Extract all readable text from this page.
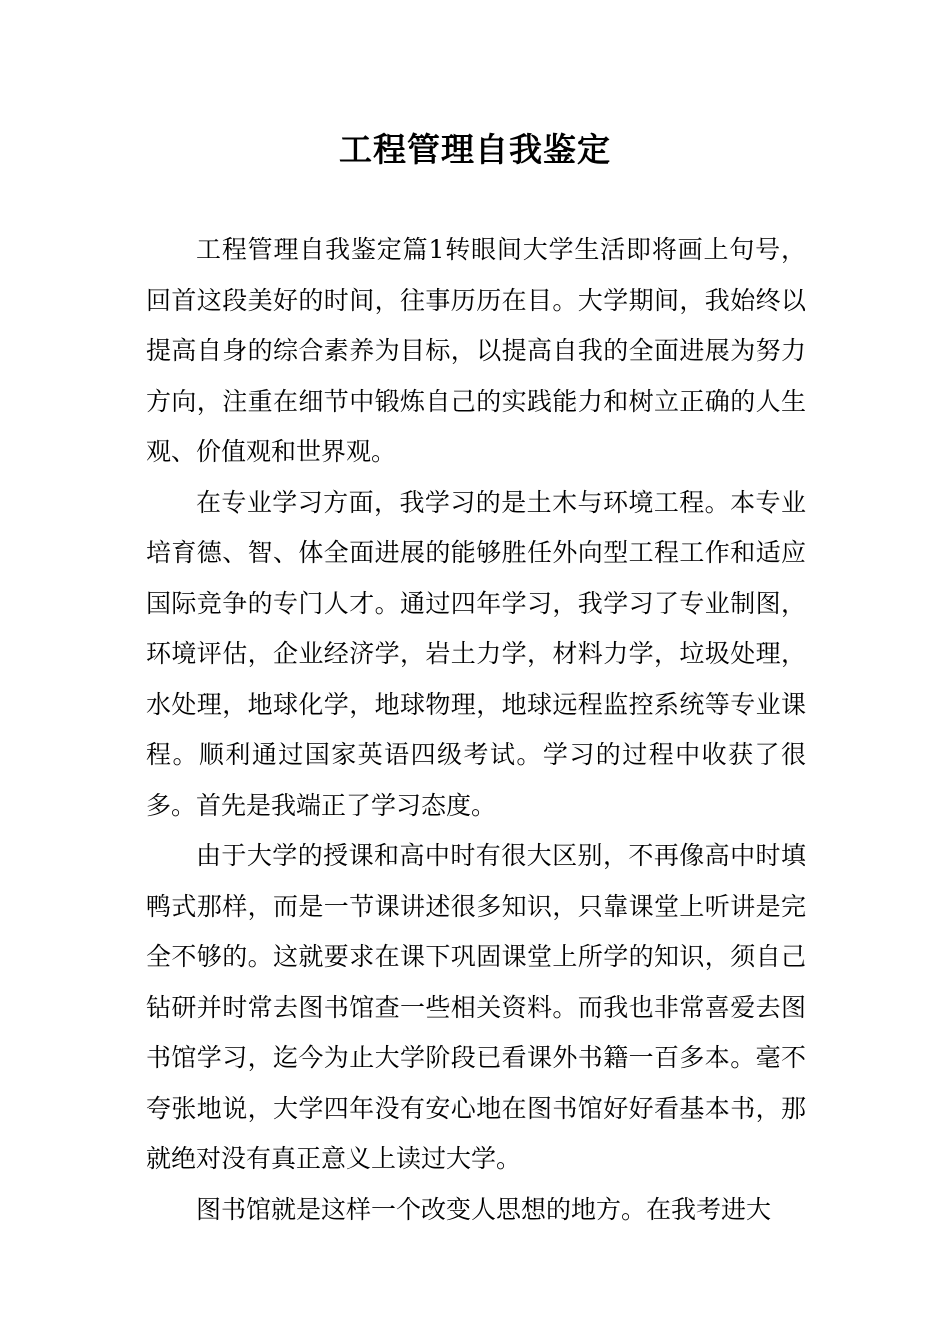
工程管理自我鉴定

工程管理自我鉴定篇1转眼间大学生活即将画上句号，回首这段美好的时间，往事历历在目。大学期间，我始终以提高自身的综合素养为目标，以提高自我的全面进展为努力方向，注重在细节中锻炼自己的实践能力和树立正确的人生观、价值观和世界观。

在专业学习方面，我学习的是土木与环境工程。本专业培育德、智、体全面进展的能够胜任外向型工程工作和适应国际竞争的专门人才。通过四年学习，我学习了专业制图，环境评估，企业经济学，岩土力学，材料力学，垃圾处理，水处理，地球化学，地球物理，地球远程监控系统等专业课程。顺利通过国家英语四级考试。学习的过程中收获了很多。首先是我端正了学习态度。

由于大学的授课和高中时有很大区别，不再像高中时填鸭式那样，而是一节课讲述很多知识，只靠课堂上听讲是完全不够的。这就要求在课下巩固课堂上所学的知识，须自己钻研并时常去图书馆查一些相关资料。而我也非常喜爱去图书馆学习，迄今为止大学阶段已看课外书籍一百多本。毫不夸张地说，大学四年没有安心地在图书馆好好看基本书，那就绝对没有真正意义上读过大学。

图书馆就是这样一个改变人思想的地方。在我考进大
